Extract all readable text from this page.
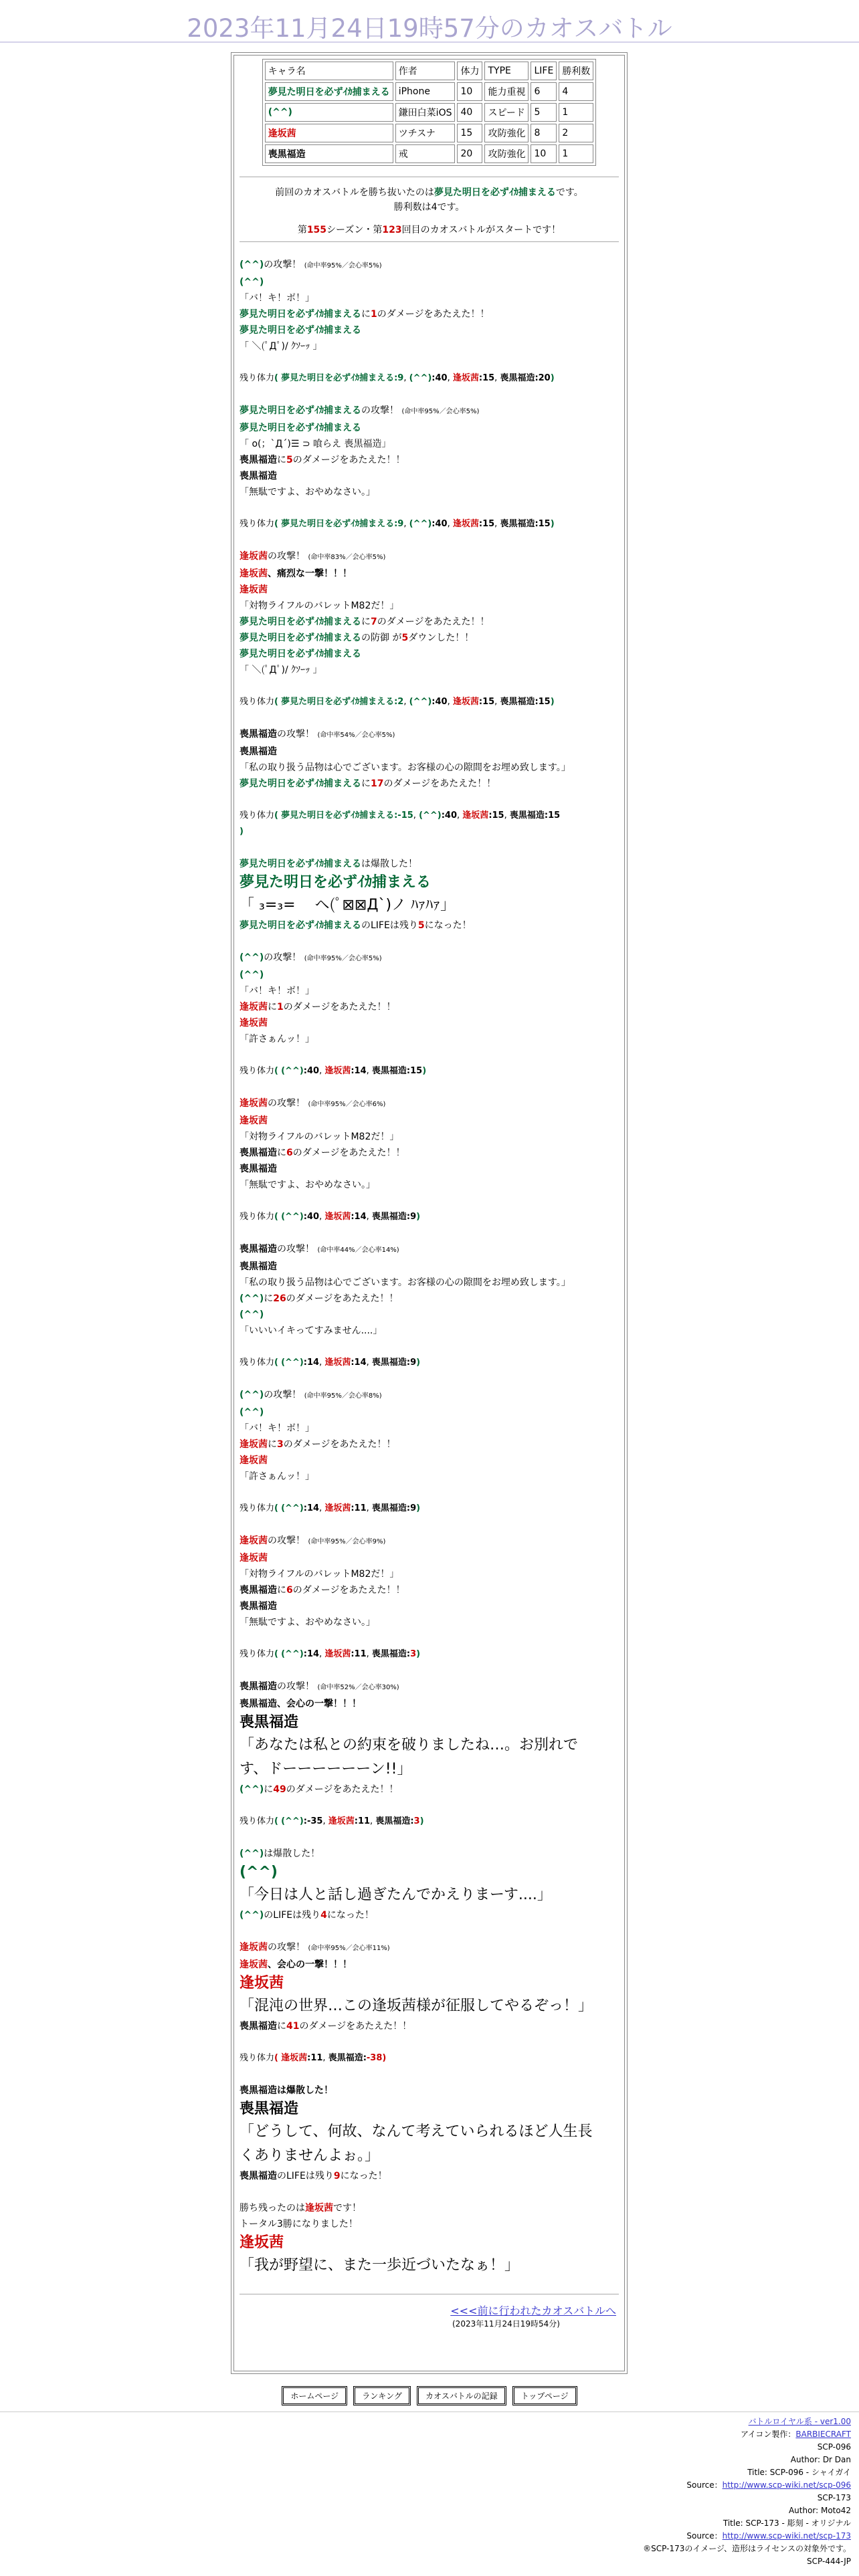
2023年11月24日19時57分のカオスバトル
キャラ名	作者	体力	TYPE	LIFE	勝利数
夢見た明日を必ずｲｶ捕まえる	iPhone	10	能力重視	6	4
(^^)	鎌田白菜iOS	40	スピード	5	1
逢坂茜	ツチスナ	15	攻防強化	8	2
喪黒福造	戒	20	攻防強化	10	1
前回のカオスバトルを勝ち抜いたのは夢見た明日を必ずｲｶ捕まえるです。
勝利数は4です。
第155シーズン・第123回目のカオスバトルがスタートです！
(^^)の攻撃！ (命中率95%／会心率5%)
(^^)
「バ！キ！ボ！」
夢見た明日を必ずｲｶ捕まえるに1のダメージをあたえた！！
夢見た明日を必ずｲｶ捕まえる
「 ＼(ﾟДﾟ)/ ｸｿｰｯ 」
残り体力( 夢見た明日を必ずｲｶ捕まえる:9, (^^):40, 逢坂茜:15, 喪黒福造:20)
夢見た明日を必ずｲｶ捕まえるの攻撃！ (命中率95%／会心率5%)
夢見た明日を必ずｲｶ捕まえる
「 o(；`Д´)☰ ⊃ 喰らえ 喪黒福造」
喪黒福造に5のダメージをあたえた！！
喪黒福造
「無駄ですよ、おやめなさい。」
残り体力( 夢見た明日を必ずｲｶ捕まえる:9, (^^):40, 逢坂茜:15, 喪黒福造:15)
逢坂茜の攻撃！ (命中率83%／会心率5%)
逢坂茜、痛烈な一撃！！！
逢坂茜
「対物ライフルのバレットM82だ！」
夢見た明日を必ずｲｶ捕まえるに7のダメージをあたえた！！
夢見た明日を必ずｲｶ捕まえるの防御 が5ダウンした！！
夢見た明日を必ずｲｶ捕まえる
「 ＼(ﾟДﾟ)/ ｸｿｰｯ 」
残り体力( 夢見た明日を必ずｲｶ捕まえる:2, (^^):40, 逢坂茜:15, 喪黒福造:15)
喪黒福造の攻撃！ (命中率54%／会心率5%)
喪黒福造
「私の取り扱う品物は心でございます。お客様の心の隙間をお埋め致します。」
夢見た明日を必ずｲｶ捕まえるに17のダメージをあたえた！！
残り体力( 夢見た明日を必ずｲｶ捕まえる:-15, (^^):40, 逢坂茜:15, 喪黒福造:15
)
夢見た明日を必ずｲｶ捕まえるは爆散した！
夢見た明日を必ずｲｶ捕まえる
「 ₃=₃=　 ヘ(ﾟ⊠⊠Д`)ノ ﾊｧﾊｧ」
夢見た明日を必ずｲｶ捕まえるのLIFEは残り5になった！
(^^)の攻撃！ (命中率95%／会心率5%)
(^^)
「バ！キ！ボ！」
逢坂茜に1のダメージをあたえた！！
逢坂茜
「許さぁんッ！」
残り体力( (^^):40, 逢坂茜:14, 喪黒福造:15)
逢坂茜の攻撃！ (命中率95%／会心率6%)
逢坂茜
「対物ライフルのバレットM82だ！」
喪黒福造に6のダメージをあたえた！！
喪黒福造
「無駄ですよ、おやめなさい。」
残り体力( (^^):40, 逢坂茜:14, 喪黒福造:9)
喪黒福造の攻撃！ (命中率44%／会心率14%)
喪黒福造
「私の取り扱う品物は心でございます。お客様の心の隙間をお埋め致します。」
(^^)に26のダメージをあたえた！！
(^^)
「いいいイキってすみません....」
残り体力( (^^):14, 逢坂茜:14, 喪黒福造:9)
(^^)の攻撃！ (命中率95%／会心率8%)
(^^)
「バ！キ！ボ！」
逢坂茜に3のダメージをあたえた！！
逢坂茜
「許さぁんッ！」
残り体力( (^^):14, 逢坂茜:11, 喪黒福造:9)
逢坂茜の攻撃！ (命中率95%／会心率9%)
逢坂茜
「対物ライフルのバレットM82だ！」
喪黒福造に6のダメージをあたえた！！
喪黒福造
「無駄ですよ、おやめなさい。」
残り体力( (^^):14, 逢坂茜:11, 喪黒福造:3)
喪黒福造の攻撃！ (命中率52%／会心率30%)
喪黒福造、会心の一撃！！！
喪黒福造
「あなたは私との約束を破りましたね…。お別れで
す、ドーーーーーーン!!」
(^^)に49のダメージをあたえた！！
残り体力( (^^):-35, 逢坂茜:11, 喪黒福造:3)
(^^)は爆散した！
(^^)
「今日は人と話し過ぎたんでかえりまーす....」
(^^)のLIFEは残り4になった！
逢坂茜の攻撃！ (命中率95%／会心率11%)
逢坂茜、会心の一撃！！！
逢坂茜
「混沌の世界…この逢坂茜様が征服してやるぞっ！」
喪黒福造に41のダメージをあたえた！！
残り体力( 逢坂茜:11, 喪黒福造:-38)
喪黒福造は爆散した！
喪黒福造
「どうして、何故、なんて考えていられるほど人生長
くありませんよぉ。」
喪黒福造のLIFEは残り9になった！
勝ち残ったのは逢坂茜です！
トータル3勝になりました！
逢坂茜
「我が野望に、また一歩近づいたなぁ！」
<<<前に行われたカオスバトルへ
(2023年11月24日19時54分)
ホームページ	ランキング	カオスバトルの記録	トップページ
バトルロイヤル系 - ver1.00
アイコン製作：BARBIECRAFT
SCP-096
Author: Dr Dan
Title: SCP-096 - シャイガイ
Source：http://www.scp-wiki.net/scp-096
SCP-173
Author: Moto42
Title: SCP-173 - 彫刻 - オリジナル
Source：http://www.scp-wiki.net/scp-173
®SCP-173のイメージ、造形はライセンスの対象外です。
SCP-444-JP
